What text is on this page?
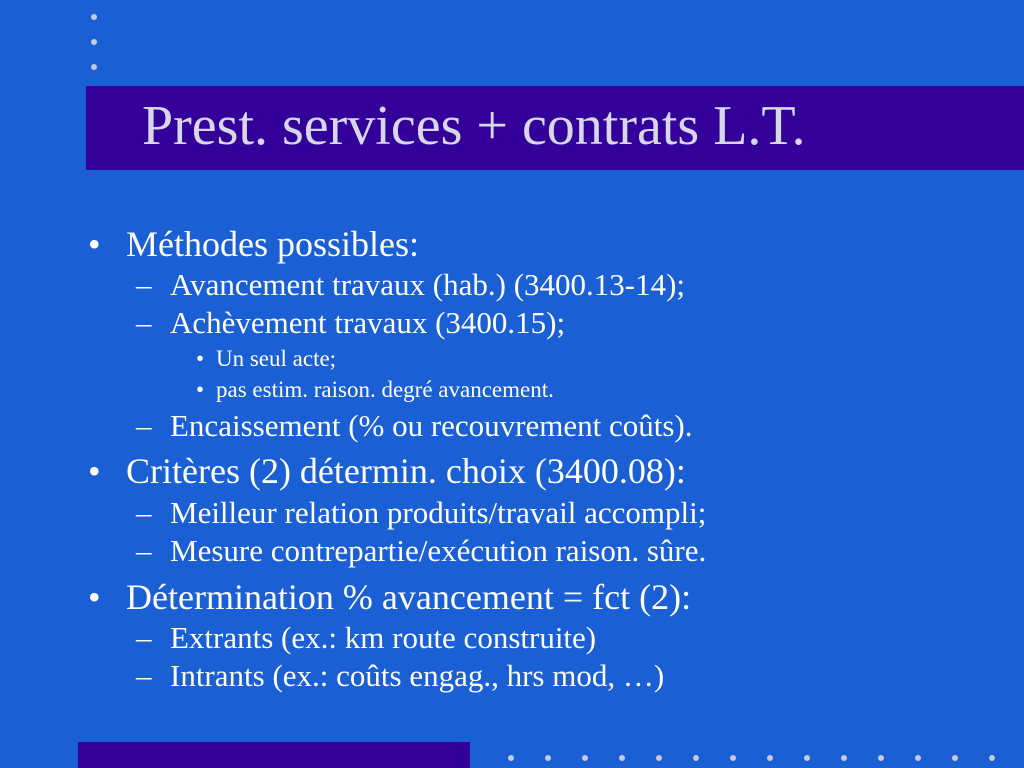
Prest. services + contrats L.T.
• Méthodes possibles:
– Avancement travaux (hab.) (3400.13-14);
– Achèvement travaux (3400.15);
• Un seul acte;
• pas estim. raison. degré avancement.
– Encaissement (% ou recouvrement coûts).
• Critères (2) détermin. choix (3400.08):
– Meilleur relation produits/travail accompli;
– Mesure contrepartie/exécution raison. sûre.
• Détermination % avancement = fct (2):
– Extrants (ex.: km route construite)
– Intrants (ex.: coûts engag., hrs mod, …)
